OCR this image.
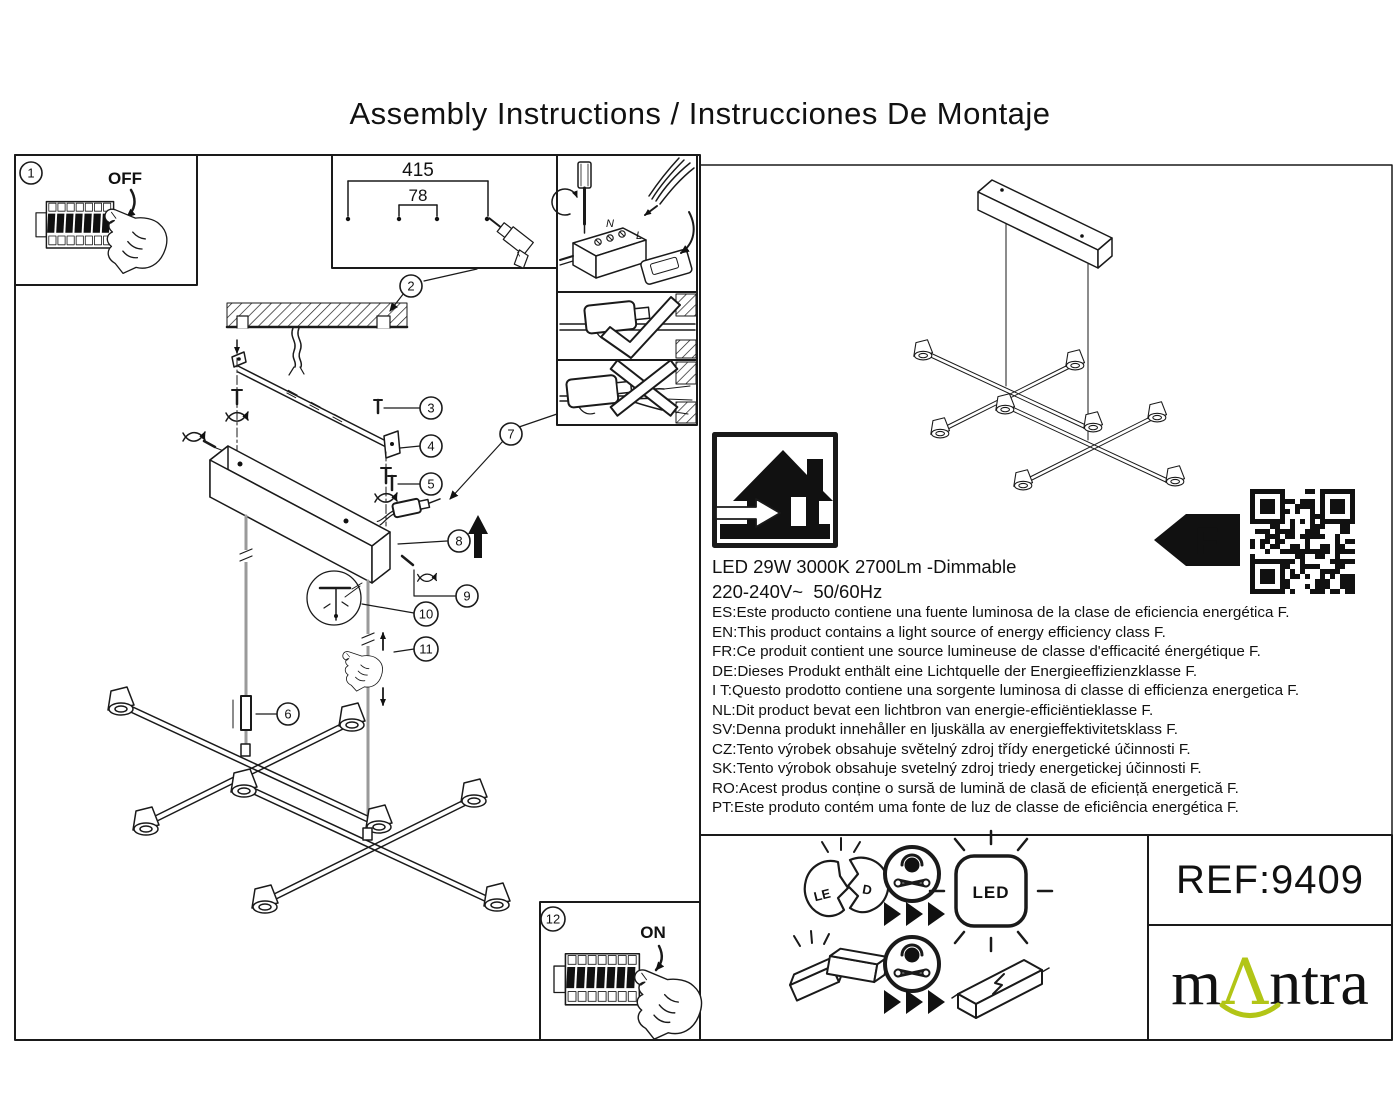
Assembly Instructions / Instrucciones De Montaje
1	OFF	415
78
N
L
2
3
4
5
6
7
8
9
10
11
12
ON
F
LE D	LED
LED 29W 3000K 2700Lm -Dimmable
220-240V~  50/60Hz
ES:Este producto contiene una fuente luminosa de la clase de eficiencia energética F.
EN:This product contains a light source of energy efficiency class F.
FR:Ce produit contient une source lumineuse de classe d'efficacité énergétique F.
DE:Dieses Produkt enthält eine Lichtquelle der Energieeffizienzklasse F.
I T:Questo prodotto contiene una sorgente luminosa di classe di efficienza energetica F.
NL:Dit product bevat een lichtbron van energie-efficiëntieklasse F.
SV:Denna produkt innehåller en ljuskälla av energieffektivitetsklass F.
CZ:Tento výrobek obsahuje světelný zdroj třídy energetické účinnosti F.
SK:Tento výrobok obsahuje svetelný zdroj triedy energetickej účinnosti F.
RO:Acest produs conține o sursă de lumină de clasă de eficiență energetică F.
PT:Este produto contém uma fonte de luz de classe de eficiência energética F.
REF:9409
m Λ ntra
